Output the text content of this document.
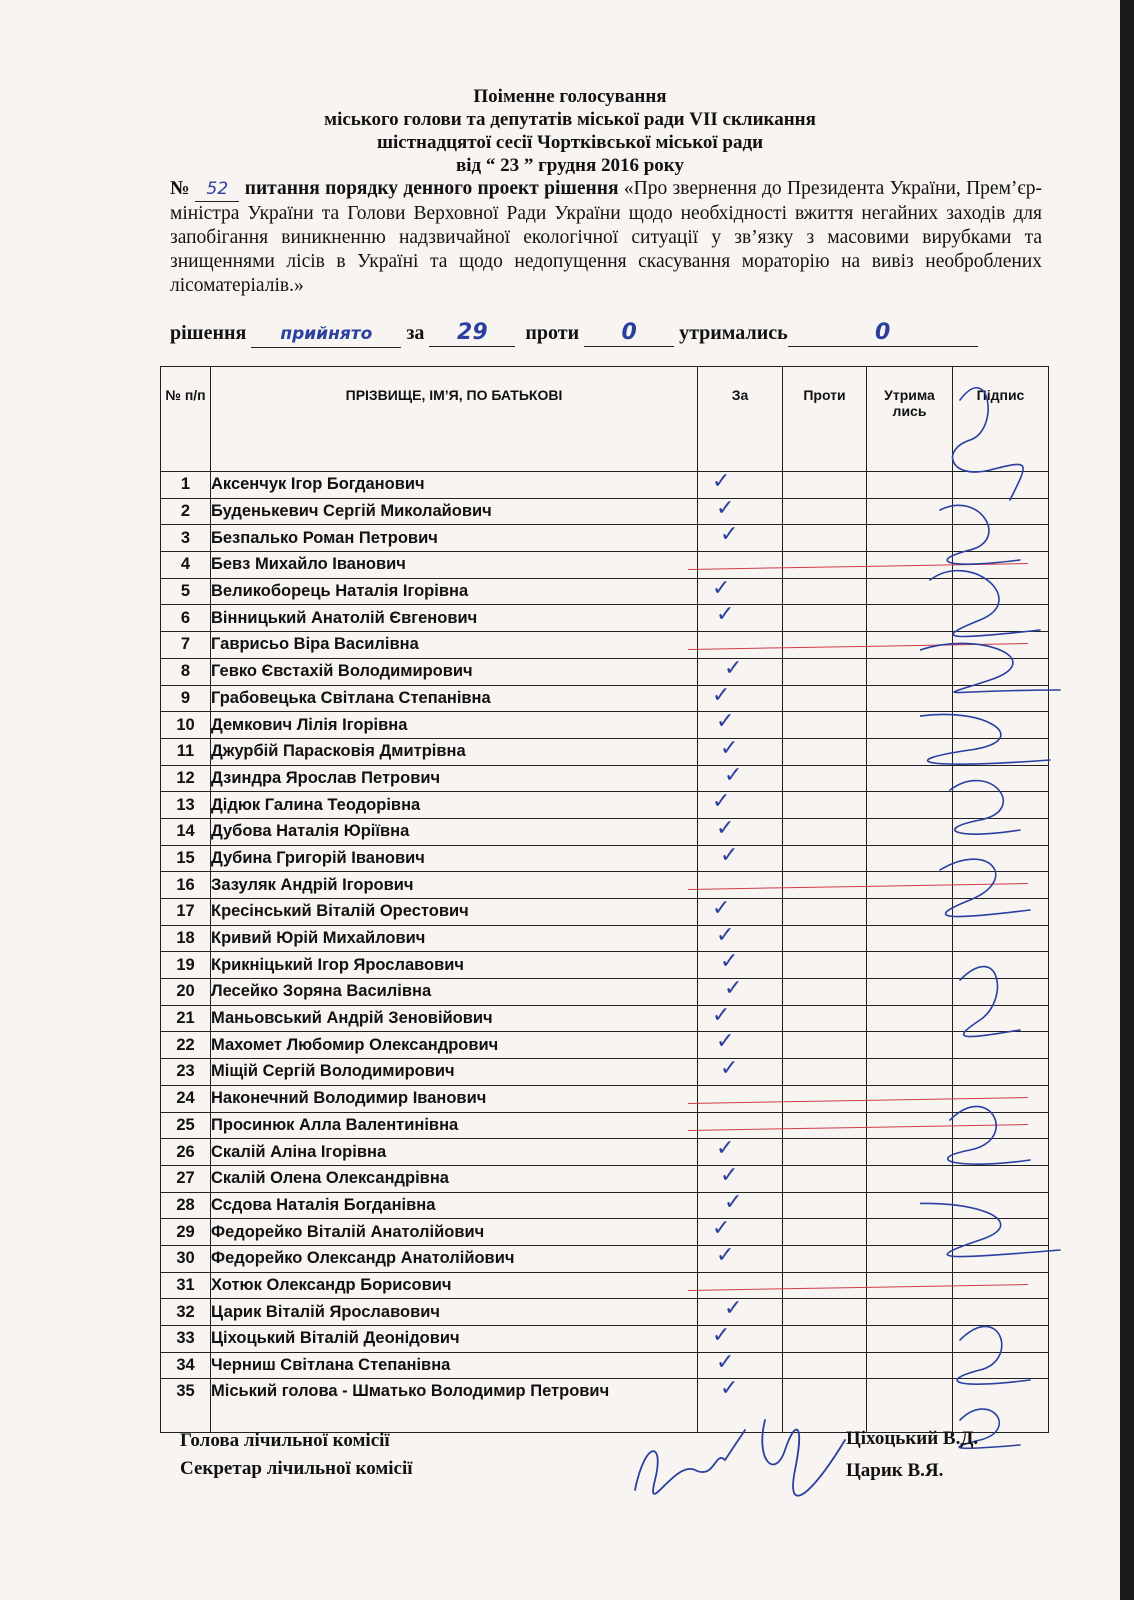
Поіменне голосування
міського голови та депутатів міської ради VII скликання
шістнадцятої сесії Чортківської міської ради
від “ 23 ” грудня 2016 року
№ 52 питання порядку денного проект рішення «Про звернення до Президента України, Прем’єр-міністра України та Голови Верховної Ради України щодо необхідності вжиття негайних заходів для запобігання виникненню надзвичайної екологічної ситуації у зв’язку з масовими вирубками та знищеннями лісів в Україні та щодо недопущення скасування мораторію на вивіз необроблених лісоматеріалів.»
рішення прийнято за 29 проти 0 утримались	0
№ п/п	ПРІЗВИЩЕ, ІМ’Я, ПО БАТЬКОВІ	За	Проти	Утрима лись	Підпис
1	Аксенчук Ігор Богданович	✓			

2	Буденькевич Сергій Миколайович	✓			

3	Безпалько Роман Петрович	✓			

4	Бевз Михайло Іванович	

5	Великоборець Наталія Ігорівна	✓			

6	Вінницький Анатолій Євгенович	✓			

7	Гаврисьо Віра Василівна	

8	Гевко Євстахій Володимирович	✓			

9	Грабовецька Світлана Степанівна	✓			

10	Демкович Лілія Ігорівна	✓			

11	Джурбій Парасковія Дмитрівна	✓			

12	Дзиндра Ярослав Петрович	✓			

13	Дідюк Галина Теодорівна	✓			

14	Дубова Наталія Юріївна	✓			

15	Дубина Григорій Іванович	✓			

16	Зазуляк Андрій Ігорович	

17	Кресінський Віталій Орестович	✓			

18	Кривий Юрій Михайлович	✓			

19	Крикніцький Ігор Ярославович	✓			

20	Лесейко Зоряна Василівна	✓			

21	Маньовський Андрій Зеновійович	✓			

22	Махомет Любомир Олександрович	✓			

23	Міщій Сергій Володимирович	✓			

24	Наконечний Володимир Іванович	

25	Просинюк Алла Валентинівна	

26	Скалій Аліна Ігорівна	✓			

27	Скалій Олена Олександрівна	✓			

28	Ссдова Наталія Богданівна	✓			

29	Федорейко Віталій Анатолійович	✓			

30	Федорейко Олександр Анатолійович	✓			

31	Хотюк Олександр Борисович	

32	Царик Віталій Ярославович	✓			

33	Ціхоцький Віталій Деонідович	✓			

34	Черниш Світлана Степанівна	✓			

35	Міський голова - Шматько Володимир Петрович	✓			

Голова лічильної комісії
Секретар лічильної комісії
Ціхоцький В.Д.
Царик В.Я.
